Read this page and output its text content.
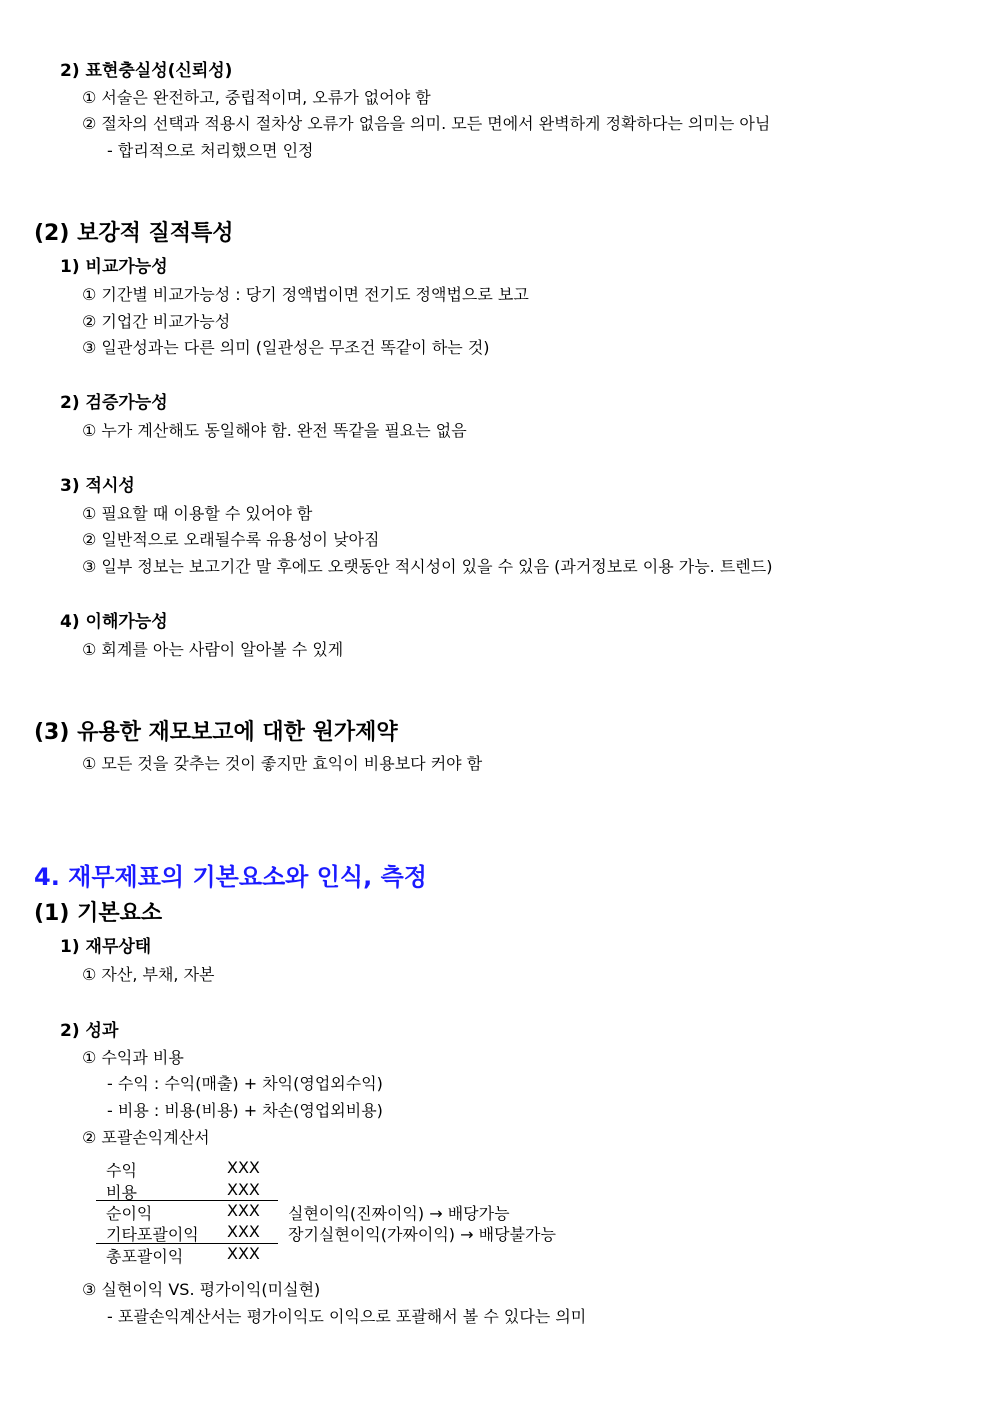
2) 표현충실성(신뢰성)
① 서술은 완전하고, 중립적이며, 오류가 없어야 함
② 절차의 선택과 적용시 절차상 오류가 없음을 의미. 모든 면에서 완벽하게 정확하다는 의미는 아님
- 합리적으로 처리했으면 인정
(2) 보강적 질적특성
1) 비교가능성
① 기간별 비교가능성 : 당기 정액법이면 전기도 정액법으로 보고
② 기업간 비교가능성
③ 일관성과는 다른 의미 (일관성은 무조건 똑같이 하는 것)
2) 검증가능성
① 누가 계산해도 동일해야 함. 완전 똑같을 필요는 없음
3) 적시성
① 필요할 때 이용할 수 있어야 함
② 일반적으로 오래될수록 유용성이 낮아짐
③ 일부 정보는 보고기간 말 후에도 오랫동안 적시성이 있을 수 있음 (과거정보로 이용 가능. 트렌드)
4) 이해가능성
① 회계를 아는 사람이 알아볼 수 있게
(3) 유용한 재모보고에 대한 원가제약
① 모든 것을 갖추는 것이 좋지만 효익이 비용보다 커야 함
4. 재무제표의 기본요소와 인식, 측정
(1) 기본요소
1) 재무상태
① 자산, 부채, 자본
2) 성과
① 수익과 비용
- 수익 : 수익(매출) + 차익(영업외수익)
- 비용 : 비용(비용) + 차손(영업외비용)
② 포괄손익계산서
수익	XXX
비용	XXX
순이익	XXX 실현이익(진짜이익) → 배당가능
기타포괄이익 XXX 장기실현이익(가짜이익) → 배당불가능
총포괄이익	XXX
③ 실현이익 VS. 평가이익(미실현)
- 포괄손익계산서는 평가이익도 이익으로 포괄해서 볼 수 있다는 의미
